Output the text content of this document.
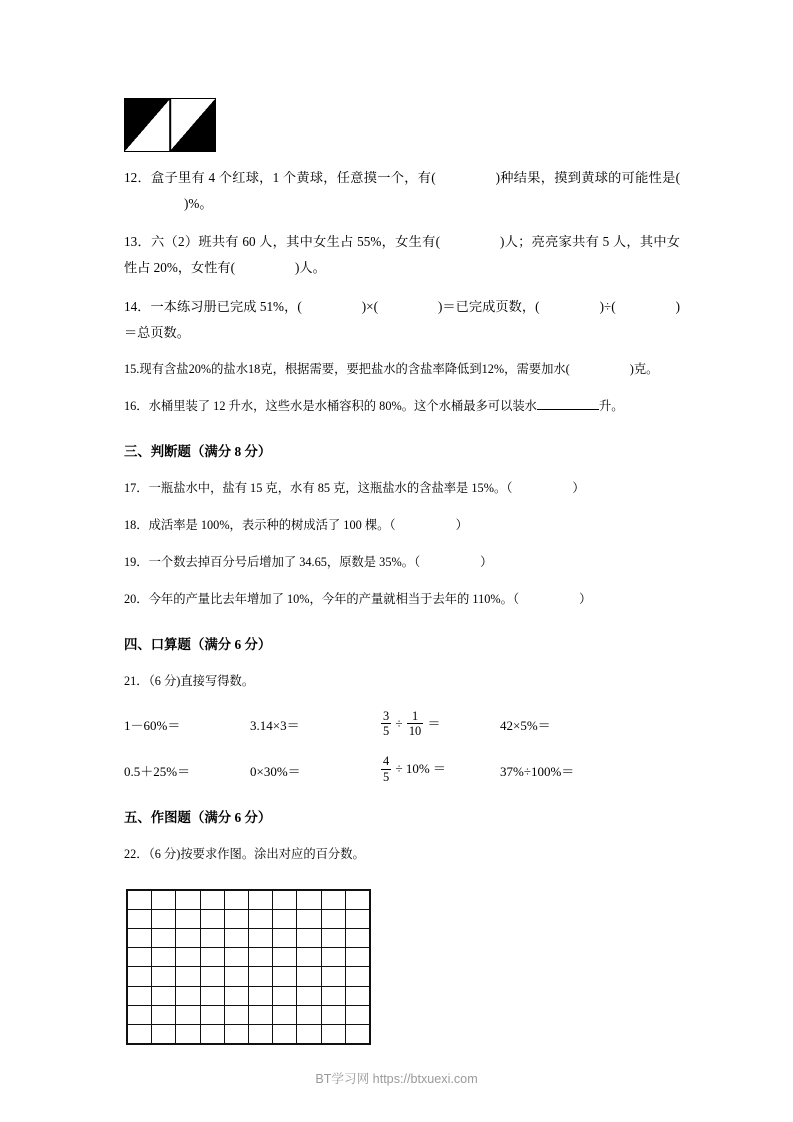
12．盒子里有 4 个红球，1 个黄球，任意摸一个，有(	)种结果，摸到黄球的可能性是()%。
13．六（2）班共有 60 人，其中女生占 55%，女生有(	)人；亮亮家共有 5 人，其中女性占 20%，女性有(	)人。
14．一本练习册已完成 51%，(	)×(	)＝已完成页数，(	)÷(	)＝总页数。
15.现有含盐20%的盐水18克，根据需要，要把盐水的含盐率降低到12%，需要加水(	)克。
16．水桶里装了 12 升水，这些水是水桶容积的 80%。这个水桶最多可以装水	升。
三、判断题（满分 8 分）
17．一瓶盐水中，盐有 15 克，水有 85 克，这瓶盐水的含盐率是 15%。（	）
18．成活率是 100%，表示种的树成活了 100 棵。（	）
19．一个数去掉百分号后增加了 34.65，原数是 35%。（	）
20．今年的产量比去年增加了 10%，今年的产量就相当于去年的 110%。（	）
四、口算题（满分 6 分）
21．（6 分)直接写得数。
1－60%＝	3.14×3＝	$\frac{3}{5} \div \frac{1}{10}$ ＝	42×5%＝
0.5＋25%＝	0×30%＝	$\frac{4}{5} \div 10\%$ ＝	37%÷100%＝
五、作图题（满分 6 分）
22．（6 分)按要求作图。涂出对应的百分数。

BT学习网 https://btxuexi.com
